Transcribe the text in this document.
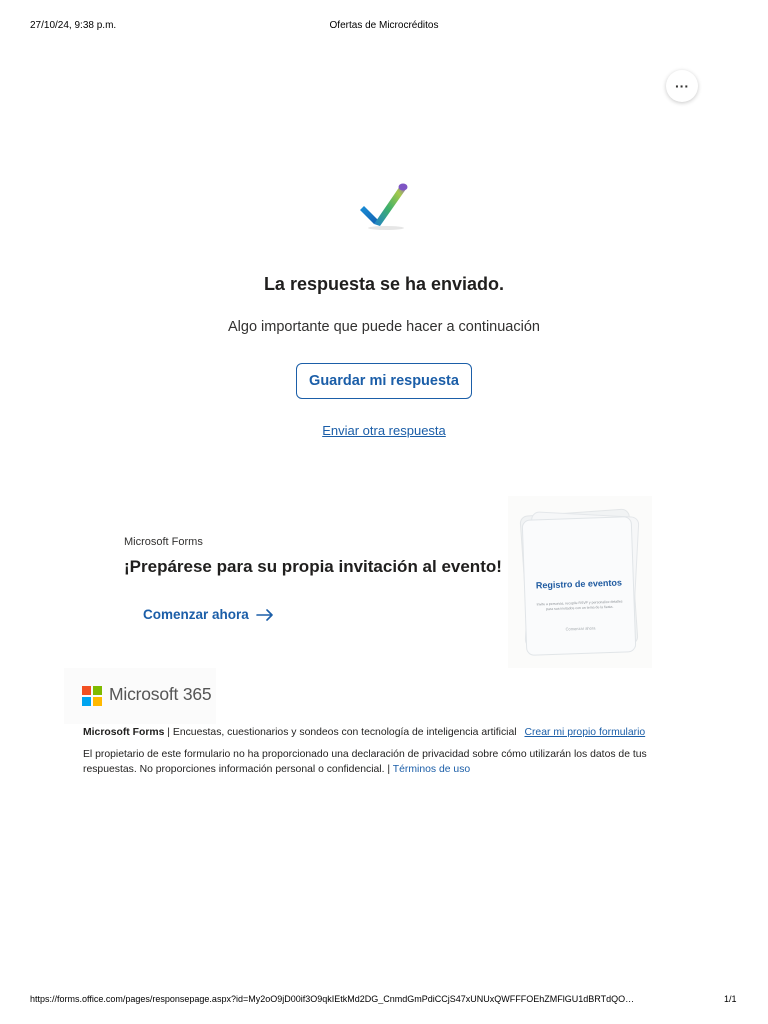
27/10/24, 9:38 p.m.	Ofertas de Microcréditos
···
La respuesta se ha enviado.
Algo importante que puede hacer a continuación
Guardar mi respuesta
Enviar otra respuesta
Microsoft Forms
¡Prepárese para su propia invitación al evento!
Comenzar ahora
Registro de eventos
Invite a personas, recopile RSVP y personalice detalles para sus invitados con un tema de la fiesta.
Comenzar ahora
Microsoft 365
Microsoft Forms | Encuestas, cuestionarios y sondeos con tecnología de inteligencia artificial Crear mi propio formulario
El propietario de este formulario no ha proporcionado una declaración de privacidad sobre cómo utilizarán los datos de tus respuestas. No proporciones información personal o confidencial. | Términos de uso
https://forms.office.com/pages/responsepage.aspx?id=My2oO9jD00if3O9qkIEtkMd2DG_CnmdGmPdiCCjS47xUNUxQWFFFOEhZMFlGU1dBRTdQO…	1/1
